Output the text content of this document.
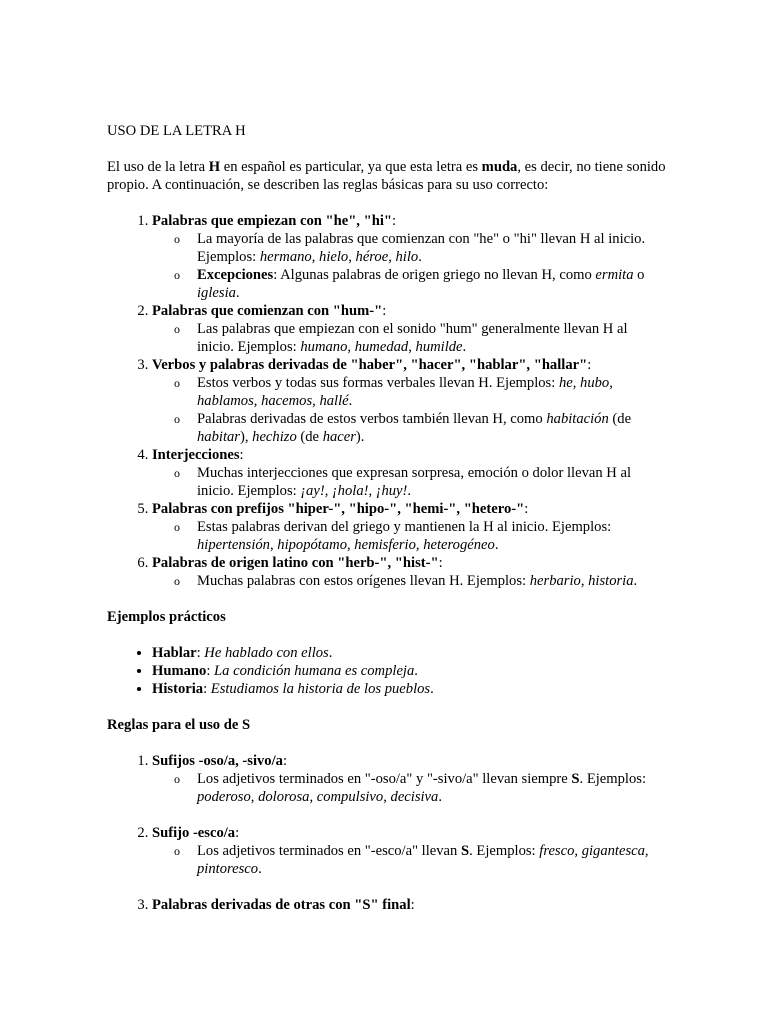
USO DE LA LETRA H

El uso de la letra H en español es particular, ya que esta letra es muda, es decir, no tiene sonido propio. A continuación, se describen las reglas básicas para su uso correcto:

1. Palabras que empiezan con "he", "hi":
o La mayoría de las palabras que comienzan con "he" o "hi" llevan H al inicio. Ejemplos: hermano, hielo, héroe, hilo.
o Excepciones: Algunas palabras de origen griego no llevan H, como ermita o iglesia.
2. Palabras que comienzan con "hum-":
o Las palabras que empiezan con el sonido "hum" generalmente llevan H al inicio. Ejemplos: humano, humedad, humilde.
3. Verbos y palabras derivadas de "haber", "hacer", "hablar", "hallar":
o Estos verbos y todas sus formas verbales llevan H. Ejemplos: he, hubo, hablamos, hacemos, hallé.
o Palabras derivadas de estos verbos también llevan H, como habitación (de habitar), hechizo (de hacer).
4. Interjecciones:
o Muchas interjecciones que expresan sorpresa, emoción o dolor llevan H al inicio. Ejemplos: ¡ay!, ¡hola!, ¡huy!.
5. Palabras con prefijos "hiper-", "hipo-", "hemi-", "hetero-":
o Estas palabras derivan del griego y mantienen la H al inicio. Ejemplos: hipertensión, hipopótamo, hemisferio, heterogéneo.
6. Palabras de origen latino con "herb-", "hist-":
o Muchas palabras con estos orígenes llevan H. Ejemplos: herbario, historia.

Ejemplos prácticos

• Hablar: He hablado con ellos.
• Humano: La condición humana es compleja.
• Historia: Estudiamos la historia de los pueblos.

Reglas para el uso de S

1. Sufijos -oso/a, -sivo/a:
o Los adjetivos terminados en "-oso/a" y "-sivo/a" llevan siempre S. Ejemplos: poderoso, dolorosa, compulsivo, decisiva.
2. Sufijo -esco/a:
o Los adjetivos terminados en "-esco/a" llevan S. Ejemplos: fresco, gigantesca, pintoresco.
3. Palabras derivadas de otras con "S" final:
